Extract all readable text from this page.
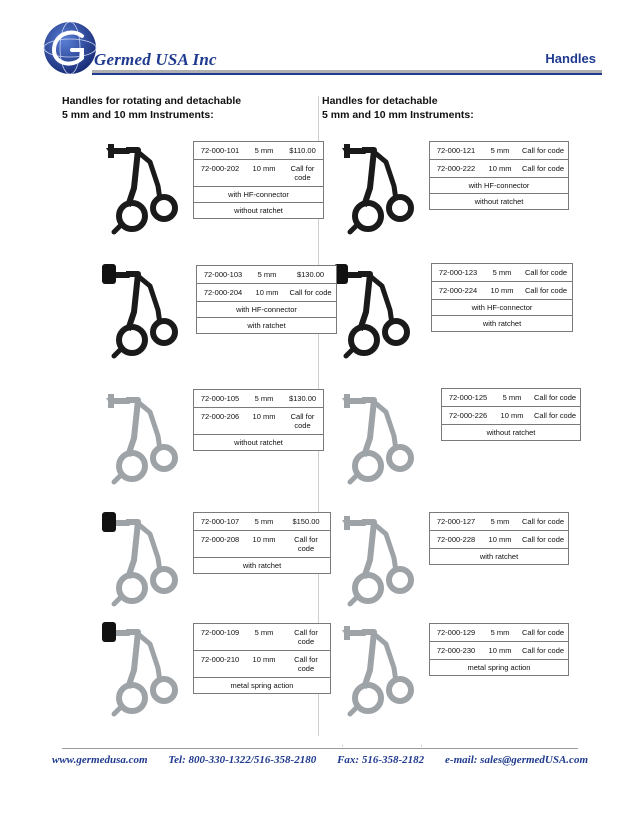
Germed USA Inc	Handles
Handles for rotating and detachable
5 mm and 10 mm Instruments:
Handles for detachable
5 mm and 10 mm Instruments:
72-000-101	5 mm	$110.00
72-000-202	10 mm	Call for code
with HF-connector
without ratchet
72-000-121	5 mm	Call for code
72-000-222	10 mm	Call for code
with HF-connector
without ratchet
72-000-103	5 mm	$130.00
72-000-204	10 mm	Call for code
with HF-connector
with ratchet
72-000-123	5 mm	Call for code
72-000-224	10 mm	Call for code
with HF-connector
with ratchet
72-000-105	5 mm	$130.00
72-000-206	10 mm	Call for code
without ratchet
72-000-125	5 mm	Call for code
72-000-226	10 mm	Call for code
without ratchet
72-000-107	5 mm	$150.00
72-000-208	10 mm	Call for code
with ratchet
72-000-127	5 mm	Call for code
72-000-228	10 mm	Call for code
with ratchet
72-000-109	5 mm	Call for code
72-000-210	10 mm	Call for code
metal spring action
72-000-129	5 mm	Call for code
72-000-230	10 mm	Call for code
metal spring action
‚	‚
www.germedusa.com Tel: 800-330-1322/516-358-2180 Fax: 516-358-2182 e-mail: sales@germedUSA.com
